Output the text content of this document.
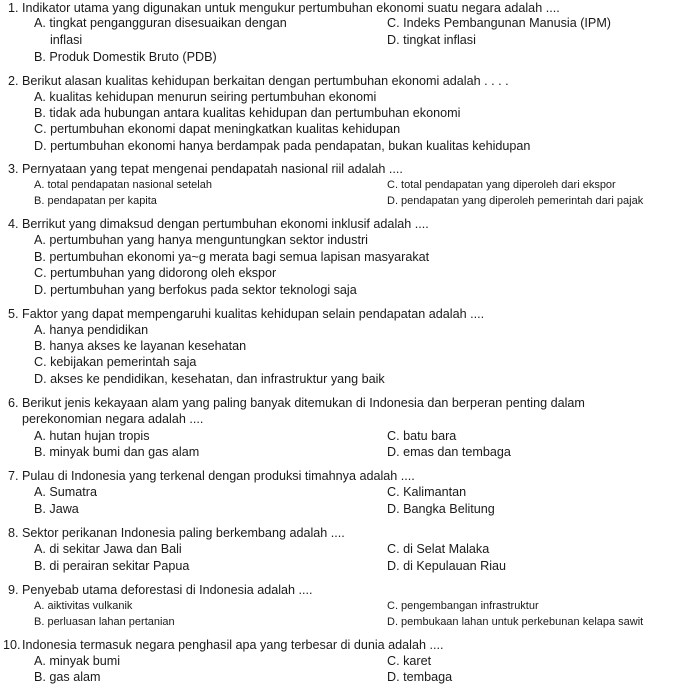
1. Indikator utama yang digunakan untuk mengukur pertumbuhan ekonomi suatu negara adalah ....
A. tingkat pengangguran disesuaikan dengan
inflasi
B. Produk Domestik Bruto (PDB)
C. Indeks Pembangunan Manusia (IPM)
D. tingkat inflasi
2. Berikut alasan kualitas kehidupan berkaitan dengan pertumbuhan ekonomi adalah . . . .
A. kualitas kehidupan menurun seiring pertumbuhan ekonomi
B. tidak ada hubungan antara kualitas kehidupan dan pertumbuhan ekonomi
C. pertumbuhan ekonomi dapat meningkatkan kualitas kehidupan
D. pertumbuhan ekonomi hanya berdampak pada pendapatan, bukan kualitas kehidupan
3. Pernyataan yang tepat mengenai pendapatah nasional riil adalah ....
A. total pendapatan nasional setelah
B. pendapatan per kapita
C. total pendapatan yang diperoleh dari ekspor
D. pendapatan yang diperoleh pemerintah dari pajak
4. Berrikut yang dimaksud dengan pertumbuhan ekonomi inklusif adalah ....
A. pertumbuhan yang hanya menguntungkan sektor industri
B. pertumbuhan ekonomi ya~g merata bagi semua lapisan masyarakat
C. pertumbuhan yang didorong oleh ekspor
D. pertumbuhan yang berfokus pada sektor teknologi saja
5. Faktor yang dapat mempengaruhi kualitas kehidupan selain pendapatan adalah ....
A. hanya pendidikan
B. hanya akses ke layanan kesehatan
C. kebijakan pemerintah saja
D. akses ke pendidikan, kesehatan, dan infrastruktur yang baik
6. Berikut jenis kekayaan alam yang paling banyak ditemukan di Indonesia dan berperan penting dalam
perekonomian negara adalah ....
A. hutan hujan tropis
B. minyak bumi dan gas alam
C. batu bara
D. emas dan tembaga
7. Pulau di Indonesia yang terkenal dengan produksi timahnya adalah ....
A. Sumatra
B. Jawa
C. Kalimantan
D. Bangka Belitung
8. Sektor perikanan Indonesia paling berkembang adalah ....
A. di sekitar Jawa dan Bali
B. di perairan sekitar Papua
C. di Selat Malaka
D. di Kepulauan Riau
9. Penyebab utama deforestasi di Indonesia adalah ....
A. aiktivitas vulkanik
B. perluasan lahan pertanian
C. pengembangan infrastruktur
D. pembukaan lahan untuk perkebunan kelapa sawit
10. Indonesia termasuk negara penghasil apa yang terbesar di dunia adalah ....
A. minyak bumi
B. gas alam
C. karet
D. tembaga
